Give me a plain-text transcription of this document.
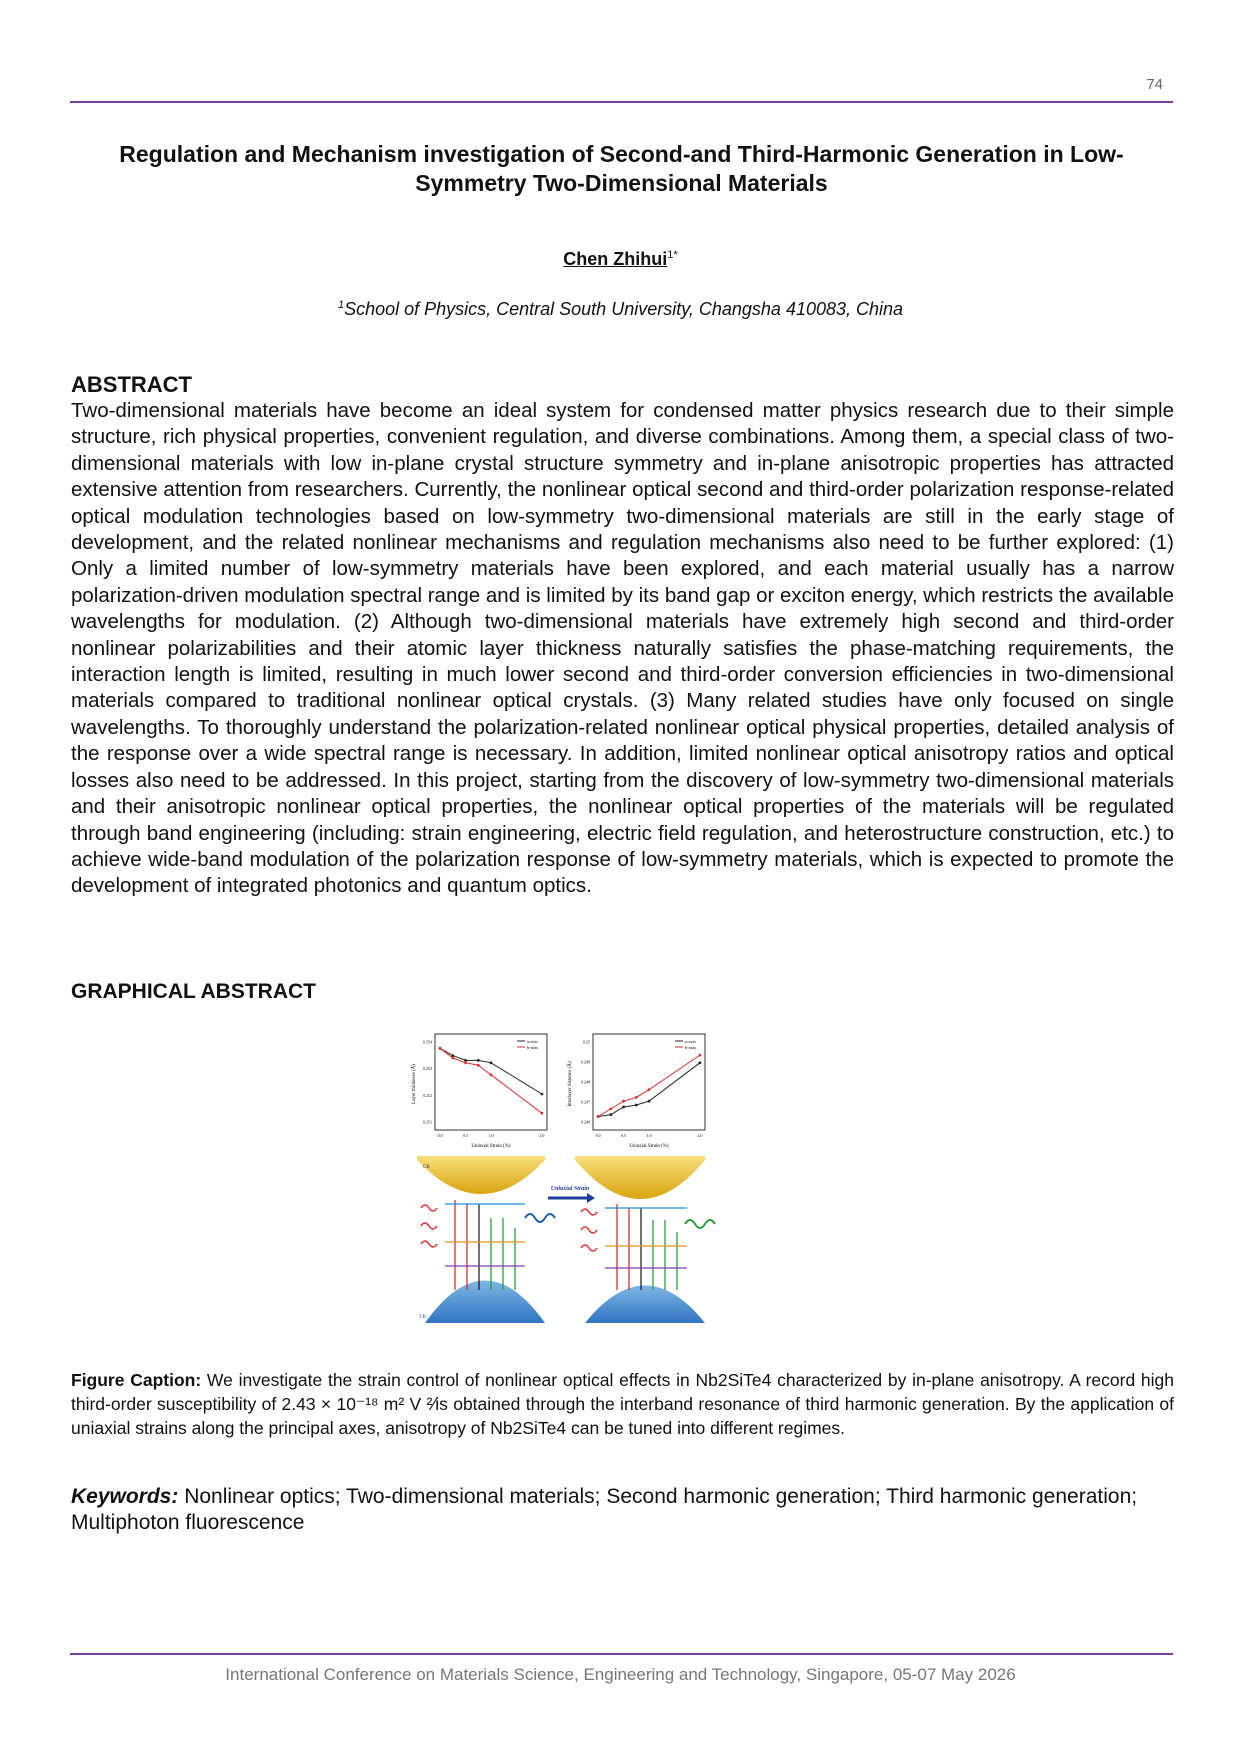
74
Regulation and Mechanism investigation of Second-and Third-Harmonic Generation in Low-Symmetry Two-Dimensional Materials
Chen Zhihui$^{1*}$
$^1$School of Physics, Central South University, Changsha 410083, China
ABSTRACT
Two-dimensional materials have become an ideal system for condensed matter physics research due to their simple structure, rich physical properties, convenient regulation, and diverse combinations. Among them, a special class of two-dimensional materials with low in-plane crystal structure symmetry and in-plane anisotropic properties has attracted extensive attention from researchers. Currently, the nonlinear optical second and third-order polarization response-related optical modulation technologies based on low-symmetry two-dimensional materials are still in the early stage of development, and the related nonlinear mechanisms and regulation mechanisms also need to be further explored: (1) Only a limited number of low-symmetry materials have been explored, and each material usually has a narrow polarization-driven modulation spectral range and is limited by its band gap or exciton energy, which restricts the available wavelengths for modulation. (2) Although two-dimensional materials have extremely high second and third-order nonlinear polarizabilities and their atomic layer thickness naturally satisfies the phase-matching requirements, the interaction length is limited, resulting in much lower second and third-order conversion efficiencies in two-dimensional materials compared to traditional nonlinear optical crystals. (3) Many related studies have only focused on single wavelengths. To thoroughly understand the polarization-related nonlinear optical physical properties, detailed analysis of the response over a wide spectral range is necessary. In addition, limited nonlinear optical anisotropy ratios and optical losses also need to be addressed. In this project, starting from the discovery of low-symmetry two-dimensional materials and their anisotropic nonlinear optical properties, the nonlinear optical properties of the materials will be regulated through band engineering (including: strain engineering, electric field regulation, and heterostructure construction, etc.) to achieve wide-band modulation of the polarization response of low-symmetry materials, which is expected to promote the development of integrated photonics and quantum optics.
GRAPHICAL ABSTRACT
0.254
0.253
0.252
0.251
0.0	0.5	1.0	2.0
Layer thickness (Å)
Uniaxial Strain (%)
a-axis
b-axis
0.25
0.249
0.248
0.247
0.246
0.0	0.5	1.0	2.0
Interlayer distance (Å)
Uniaxial Strain (%)
a-axis
b-axis
CB
VB
Uniaxial Strain
Figure Caption: We investigate the strain control of nonlinear optical effects in Nb2SiTe4 characterized by in-plane anisotropy. A record high third-order susceptibility of 2.43 × 10⁻¹⁸ m² V ²⁄is obtained through the interband resonance of third harmonic generation. By the application of uniaxial strains along the principal axes, anisotropy of Nb2SiTe4 can be tuned into different regimes.
Keywords: Nonlinear optics; Two-dimensional materials; Second harmonic generation; Third harmonic generation; Multiphoton fluorescence
International Conference on Materials Science, Engineering and Technology, Singapore, 05-07 May 2026
